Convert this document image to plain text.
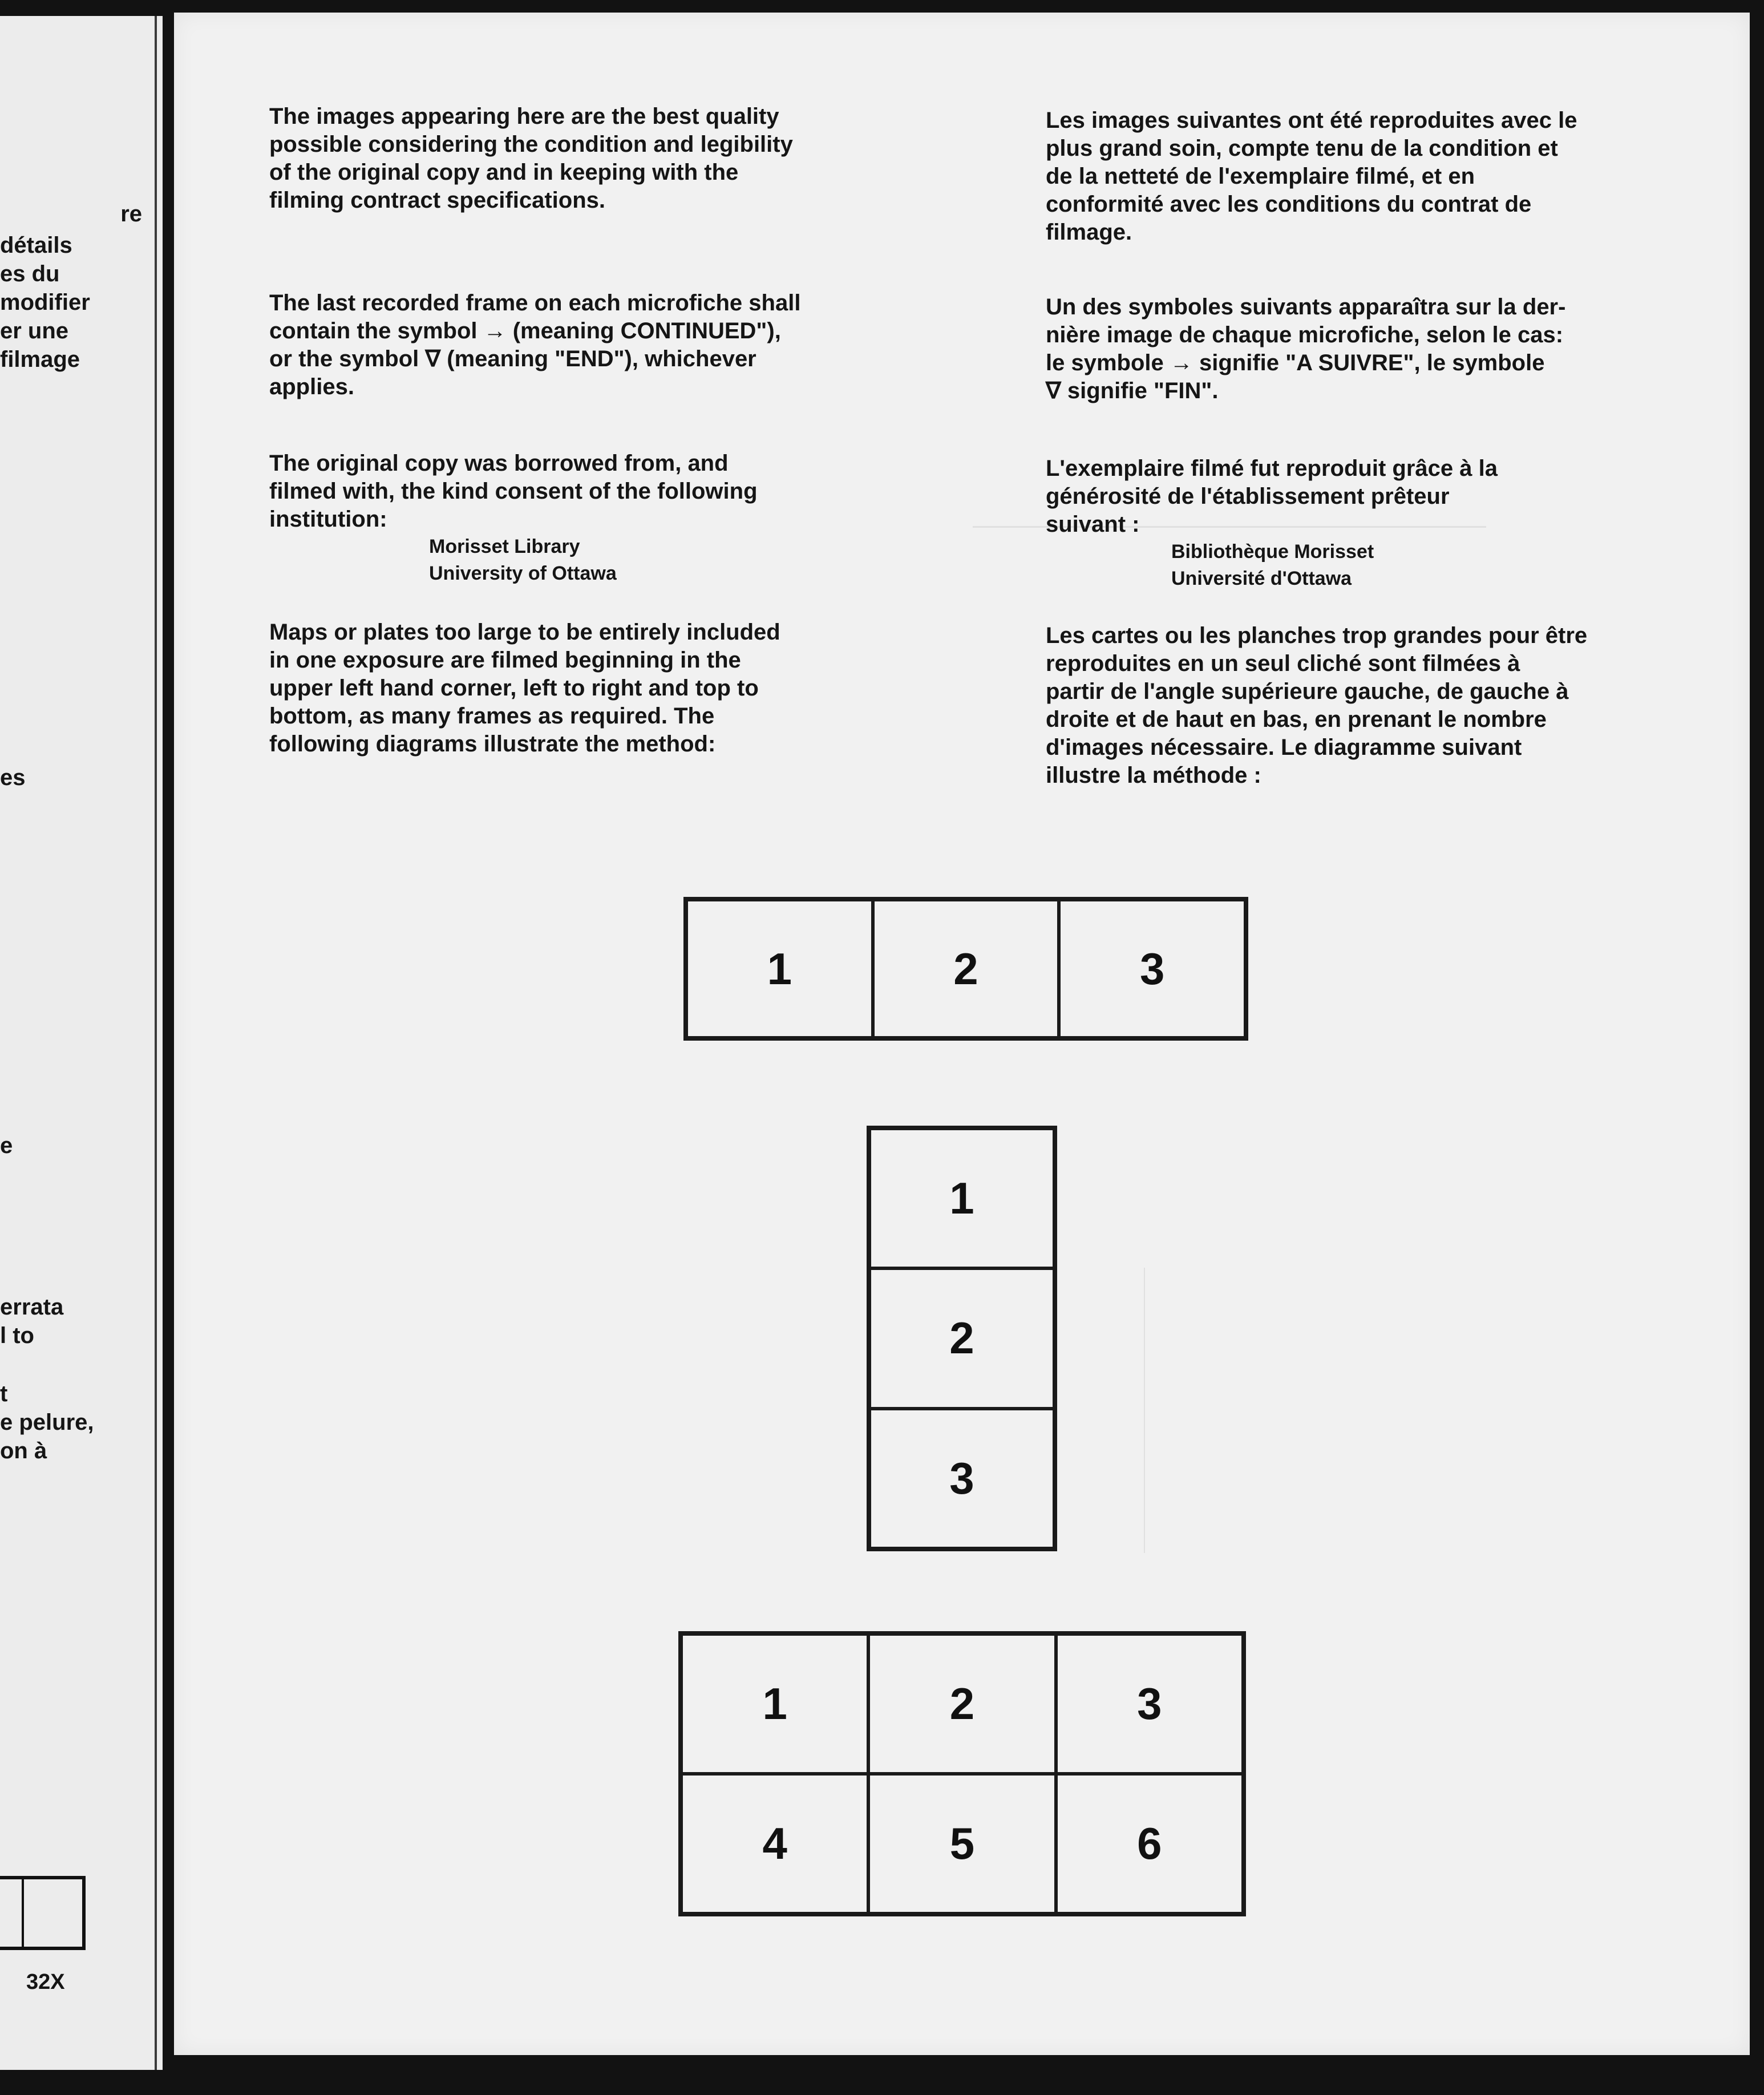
re
détails
es du
modifier
er une
filmage
es
e
errata
l to
t
e pelure,
on à
32X

The images appearing here are the best quality
possible considering the condition and legibility
of the original copy and in keeping with the
filming contract specifications.

The last recorded frame on each microfiche shall
contain the symbol → (meaning CONTINUED"),
or the symbol ∇ (meaning "END"), whichever
applies.

The original copy was borrowed from, and
filmed with, the kind consent of the following
institution:

Morisset Library
University of Ottawa

Maps or plates too large to be entirely included
in one exposure are filmed beginning in the
upper left hand corner, left to right and top to
bottom, as many frames as required. The
following diagrams illustrate the method:

Les images suivantes ont été reproduites avec le
plus grand soin, compte tenu de la condition et
de la netteté de l'exemplaire filmé, et en
conformité avec les conditions du contrat de
filmage.

Un des symboles suivants apparaîtra sur la der-
nière image de chaque microfiche, selon le cas:
le symbole → signifie "A SUIVRE", le symbole
∇ signifie "FIN".

L'exemplaire filmé fut reproduit grâce à la
générosité de l'établissement prêteur
suivant :

Bibliothèque Morisset
Université d'Ottawa

Les cartes ou les planches trop grandes pour être
reproduites en un seul cliché sont filmées à
partir de l'angle supérieure gauche, de gauche à
droite et de haut en bas, en prenant le nombre
d'images nécessaire. Le diagramme suivant
illustre la méthode :

1	2	3
1
2
3
1	2	3
4	5	6
